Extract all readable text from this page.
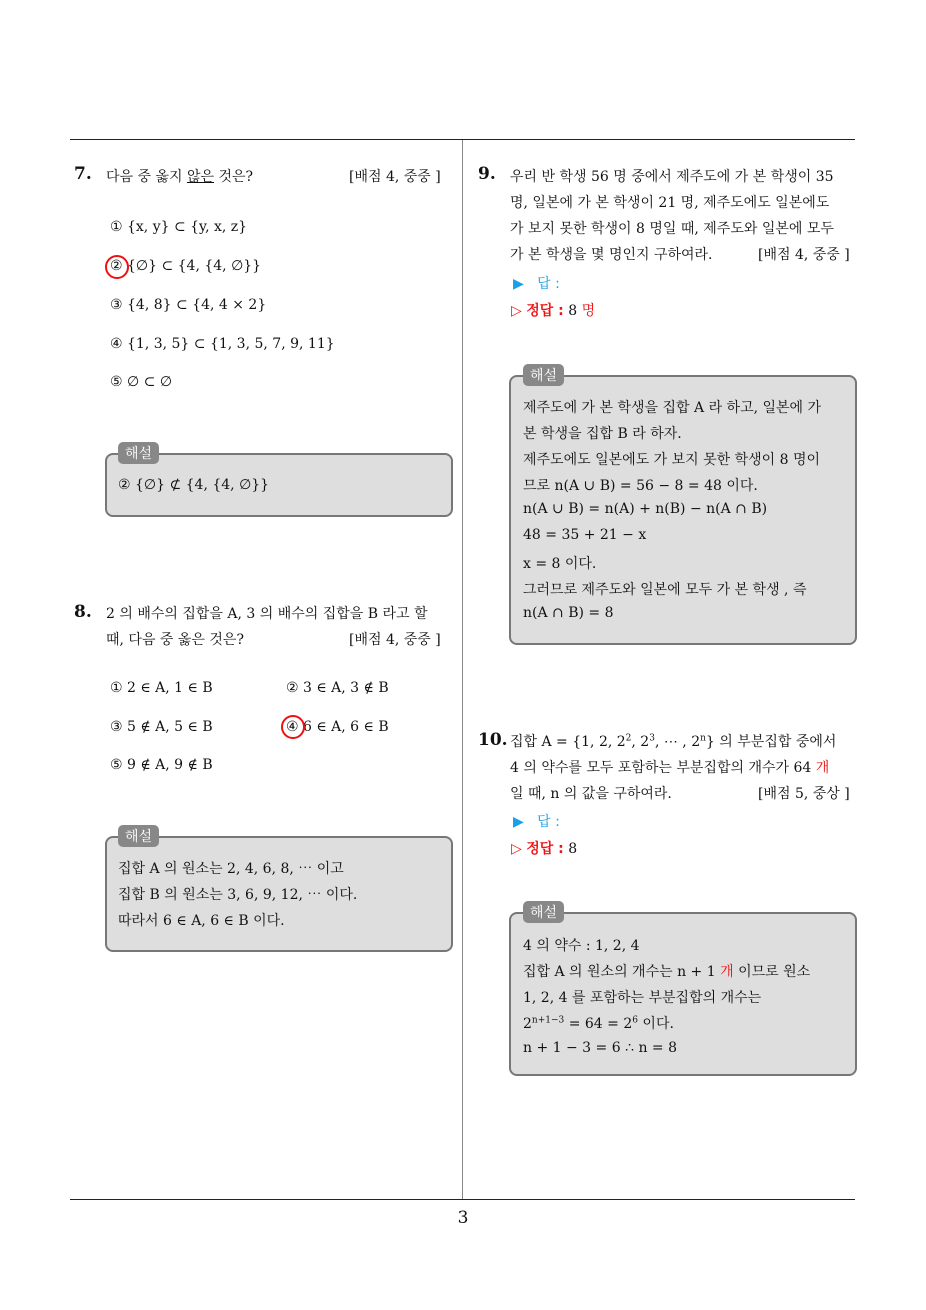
3
7. 다음 중 옳지 않은 것은?	[배점 4, 중중 ]
① {x, y} ⊂ {y, x, z}
② {∅} ⊂ {4, {4, ∅}}
③ {4, 8} ⊂ {4, 4 × 2}
④ {1, 3, 5} ⊂ {1, 3, 5, 7, 9, 11}
⑤ ∅ ⊂ ∅
해설
② {∅} ⊄ {4, {4, ∅}}
8. 2 의 배수의 집합을 A, 3 의 배수의 집합을 B 라고 할
때, 다음 중 옳은 것은?	[배점 4, 중중 ]
① 2 ∈ A, 1 ∈ B	② 3 ∈ A, 3 ∉ B
③ 5 ∉ A, 5 ∈ B	④ 6 ∈ A, 6 ∈ B
⑤ 9 ∉ A, 9 ∉ B
해설
집합 A 의 원소는 2, 4, 6, 8, ⋯ 이고
집합 B 의 원소는 3, 6, 9, 12, ⋯ 이다.
따라서 6 ∈ A, 6 ∈ B 이다.
9. 우리 반 학생 56 명 중에서 제주도에 가 본 학생이 35
명, 일본에 가 본 학생이 21 명, 제주도에도 일본에도
가 보지 못한 학생이 8 명일 때, 제주도와 일본에 모두
가 본 학생을 몇 명인지 구하여라.	[배점 4, 중중 ]
▶ 답 :
▷ 정답 : 8 명
해설
제주도에 가 본 학생을 집합 A 라 하고, 일본에 가
본 학생을 집합 B 라 하자.
제주도에도 일본에도 가 보지 못한 학생이 8 명이
므로 n(A ∪ B) = 56 − 8 = 48 이다.
n(A ∪ B) = n(A) + n(B) − n(A ∩ B)
48 = 35 + 21 − x
x = 8 이다.
그러므로 제주도와 일본에 모두 가 본 학생 , 즉
n(A ∩ B) = 8
10. 집합 A = {1, 2, $2^2$, $2^3$, ⋯ , 2$^n$} 의 부분집합 중에서
4 의 약수를 모두 포함하는 부분집합의 개수가 64 개
일 때, n 의 값을 구하여라.	[배점 5, 중상 ]
▶ 답 :
▷ 정답 : 8
해설
4 의 약수 : 1, 2, 4
집합 A 의 원소의 개수는 n + 1 개 이므로 원소
1, 2, 4 를 포함하는 부분집합의 개수는
$2^{n+1-3} = 64 = 2^6$ 이다.
n + 1 − 3 = 6 ∴ n = 8
